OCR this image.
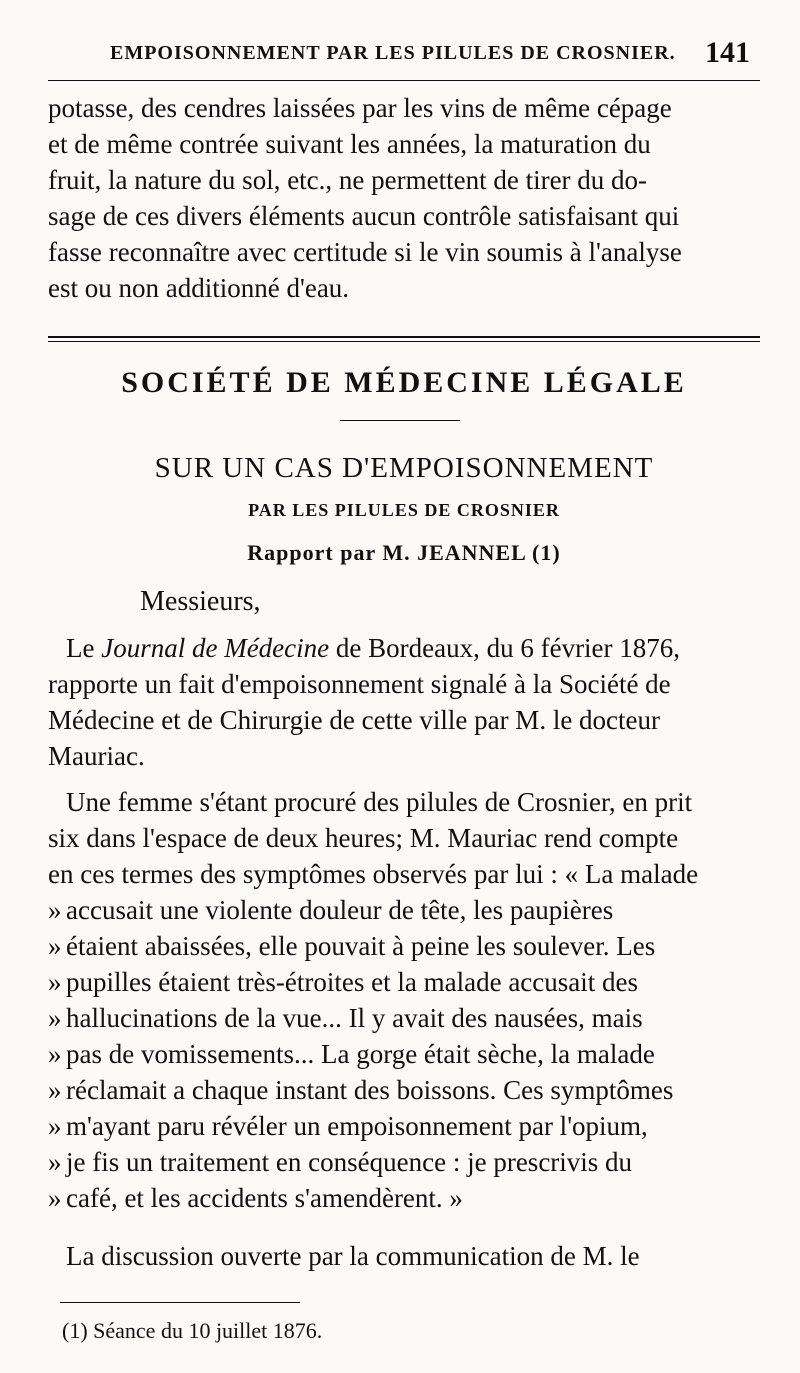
EMPOISONNEMENT PAR LES PILULES DE CROSNIER. 141
potasse, des cendres laissées par les vins de même cépage
et de même contrée suivant les années, la maturation du
fruit, la nature du sol, etc., ne permettent de tirer du do-
sage de ces divers éléments aucun contrôle satisfaisant qui
fasse reconnaître avec certitude si le vin soumis à l'analyse
est ou non additionné d'eau.
SOCIÉTÉ DE MÉDECINE LÉGALE
SUR UN CAS D'EMPOISONNEMENT
PAR LES PILULES DE CROSNIER
Rapport par M. JEANNEL (1)
Messieurs,
Le Journal de Médecine de Bordeaux, du 6 février 1876,
rapporte un fait d'empoisonnement signalé à la Société de
Médecine et de Chirurgie de cette ville par M. le docteur
Mauriac.
Une femme s'étant procuré des pilules de Crosnier, en prit
six dans l'espace de deux heures; M. Mauriac rend compte
en ces termes des symptômes observés par lui : « La malade
» accusait une violente douleur de tête, les paupières
» étaient abaissées, elle pouvait à peine les soulever. Les
» pupilles étaient très-étroites et la malade accusait des
» hallucinations de la vue... Il y avait des nausées, mais
» pas de vomissements... La gorge était sèche, la malade
» réclamait a chaque instant des boissons. Ces symptômes
» m'ayant paru révéler un empoisonnement par l'opium,
» je fis un traitement en conséquence : je prescrivis du
» café, et les accidents s'amendèrent. »
La discussion ouverte par la communication de M. le
(1) Séance du 10 juillet 1876.
